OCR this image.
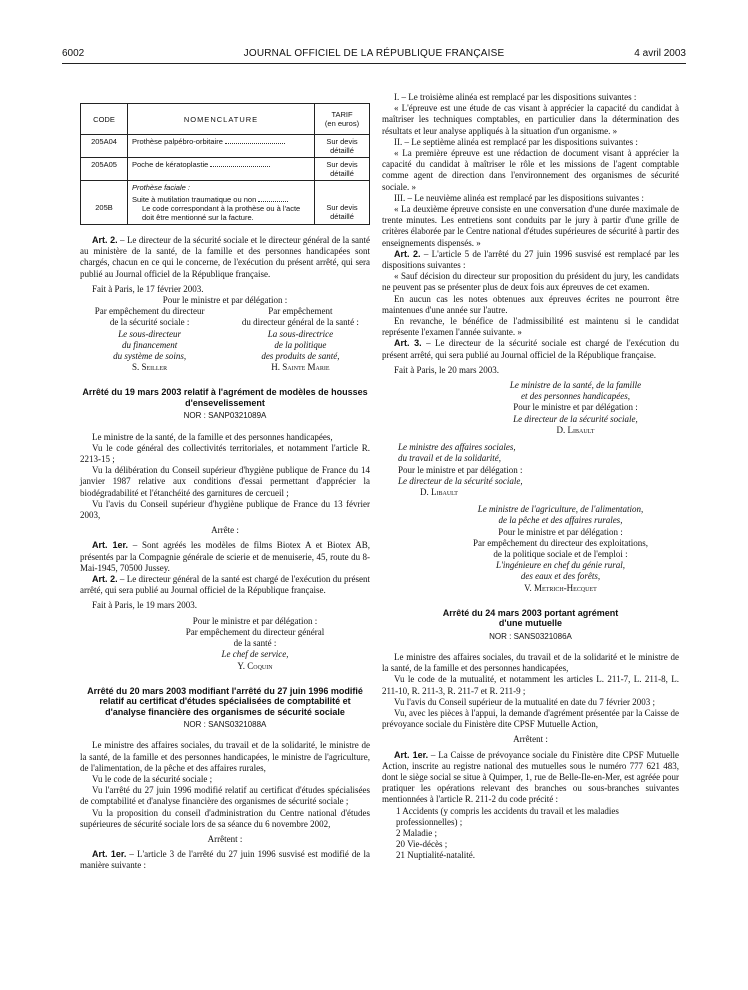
6002	JOURNAL OFFICIEL DE LA RÉPUBLIQUE FRANÇAISE	4 avril 2003
CODE	NOMENCLATURE	TARIF
(en euros)
205A04	Prothèse palpébro-orbitaire	Sur devis détaillé
205A05	Poche de kératoplastie	Sur devis détaillé
205B	Prothèse faciale :
Suite à mutilation traumatique ou non
Le code correspondant à la prothèse ou à l'acte doit être mentionné sur la facture.	Sur devis détaillé

Art. 2. – Le directeur de la sécurité sociale et le directeur général de la santé au ministère de la santé, de la famille et des personnes handicapées sont chargés, chacun en ce qui le concerne, de l'exécution du présent arrêté, qui sera publié au Journal officiel de la République française.

Fait à Paris, le 17 février 2003.

Pour le ministre et par délégation :

Par empêchement du directeur
de la sécurité sociale :
Le sous-directeur
du financement
du système de soins,
S. Seiller
Par empêchement
du directeur général de la santé :
La sous-directrice
de la politique
des produits de santé,
H. Sainte Marie
Arrêté du 19 mars 2003 relatif à l'agrément de modèles de housses d'ensevelissement
NOR : SANP0321089A

Le ministre de la santé, de la famille et des personnes handicapées,

Vu le code général des collectivités territoriales, et notamment l'article R. 2213-15 ;

Vu la délibération du Conseil supérieur d'hygiène publique de France du 14 janvier 1987 relative aux conditions d'essai permettant d'apprécier la biodégradabilité et l'étanchéité des garnitures de cercueil ;

Vu l'avis du Conseil supérieur d'hygiène publique de France du 13 février 2003,

Arrête :

Art. 1er. – Sont agréés les modèles de films Biotex A et Biotex AB, présentés par la Compagnie générale de scierie et de menuiserie, 45, route du 8-Mai-1945, 70500 Jussey.

Art. 2. – Le directeur général de la santé est chargé de l'exécution du présent arrêté, qui sera publié au Journal officiel de la République française.

Fait à Paris, le 19 mars 2003.

Pour le ministre et par délégation :
Par empêchement du directeur général
de la santé :
Le chef de service,
Y. Coquin
Arrêté du 20 mars 2003 modifiant l'arrêté du 27 juin 1996 modifié relatif au certificat d'études spécialisées de comptabilité et d'analyse financière des organismes de sécurité sociale
NOR : SANS0321088A

Le ministre des affaires sociales, du travail et de la solidarité, le ministre de la santé, de la famille et des personnes handicapées, le ministre de l'agriculture, de l'alimentation, de la pêche et des affaires rurales,

Vu le code de la sécurité sociale ;

Vu l'arrêté du 27 juin 1996 modifié relatif au certificat d'études spécialisées de comptabilité et d'analyse financière des organismes de sécurité sociale ;

Vu la proposition du conseil d'administration du Centre national d'études supérieures de sécurité sociale lors de sa séance du 6 novembre 2002,

Arrêtent :

Art. 1er. – L'article 3 de l'arrêté du 27 juin 1996 susvisé est modifié de la manière suivante :

I. – Le troisième alinéa est remplacé par les dispositions suivantes :

« L'épreuve est une étude de cas visant à apprécier la capacité du candidat à maîtriser les techniques comptables, en particulier dans la détermination des résultats et leur analyse appliqués à la situation d'un organisme. »

II. – Le septième alinéa est remplacé par les dispositions suivantes :

« La première épreuve est une rédaction de document visant à apprécier la capacité du candidat à maîtriser le rôle et les missions de l'agent comptable comme agent de direction dans l'environnement des organismes de sécurité sociale. »

III. – Le neuvième alinéa est remplacé par les dispositions suivantes :

« La deuxième épreuve consiste en une conversation d'une durée maximale de trente minutes. Les entretiens sont conduits par le jury à partir d'une grille de critères élaborée par le Centre national d'études supérieures de sécurité à partir des enseignements dispensés. »

Art. 2. – L'article 5 de l'arrêté du 27 juin 1996 susvisé est remplacé par les dispositions suivantes :

« Sauf décision du directeur sur proposition du président du jury, les candidats ne peuvent pas se présenter plus de deux fois aux épreuves de cet examen.

En aucun cas les notes obtenues aux épreuves écrites ne pourront être maintenues d'une année sur l'autre.

En revanche, le bénéfice de l'admissibilité est maintenu si le candidat représente l'examen l'année suivante. »

Art. 3. – Le directeur de la sécurité sociale est chargé de l'exécution du présent arrêté, qui sera publié au Journal officiel de la République française.

Fait à Paris, le 20 mars 2003.

Le ministre de la santé, de la famille
et des personnes handicapées,
Pour le ministre et par délégation :
Le directeur de la sécurité sociale,
D. Libault
Le ministre des affaires sociales,
du travail et de la solidarité,
Pour le ministre et par délégation :
Le directeur de la sécurité sociale,
D. Libault
Le ministre de l'agriculture, de l'alimentation,
de la pêche et des affaires rurales,
Pour le ministre et par délégation :
Par empêchement du directeur des exploitations,
de la politique sociale et de l'emploi :
L'ingénieure en chef du génie rural,
des eaux et des forêts,
V. Metrich-Hecquet
Arrêté du 24 mars 2003 portant agrément d'une mutuelle
NOR : SANS0321086A

Le ministre des affaires sociales, du travail et de la solidarité et le ministre de la santé, de la famille et des personnes handicapées,

Vu le code de la mutualité, et notamment les articles L. 211-7, L. 211-8, L. 211-10, R. 211-3, R. 211-7 et R. 211-9 ;

Vu l'avis du Conseil supérieur de la mutualité en date du 7 février 2003 ;

Vu, avec les pièces à l'appui, la demande d'agrément présentée par la Caisse de prévoyance sociale du Finistère dite CPSF Mutuelle Action,

Arrêtent :

Art. 1er. – La Caisse de prévoyance sociale du Finistère dite CPSF Mutuelle Action, inscrite au registre national des mutuelles sous le numéro 777 621 483, dont le siège social se situe à Quimper, 1, rue de Belle-Ile-en-Mer, est agréée pour pratiquer les opérations relevant des branches ou sous-branches suivantes mentionnées à l'article R. 211-2 du code précité :

1 Accidents (y compris les accidents du travail et les maladies professionnelles) ;
2 Maladie ;
20 Vie-décès ;
21 Nuptialité-natalité.
